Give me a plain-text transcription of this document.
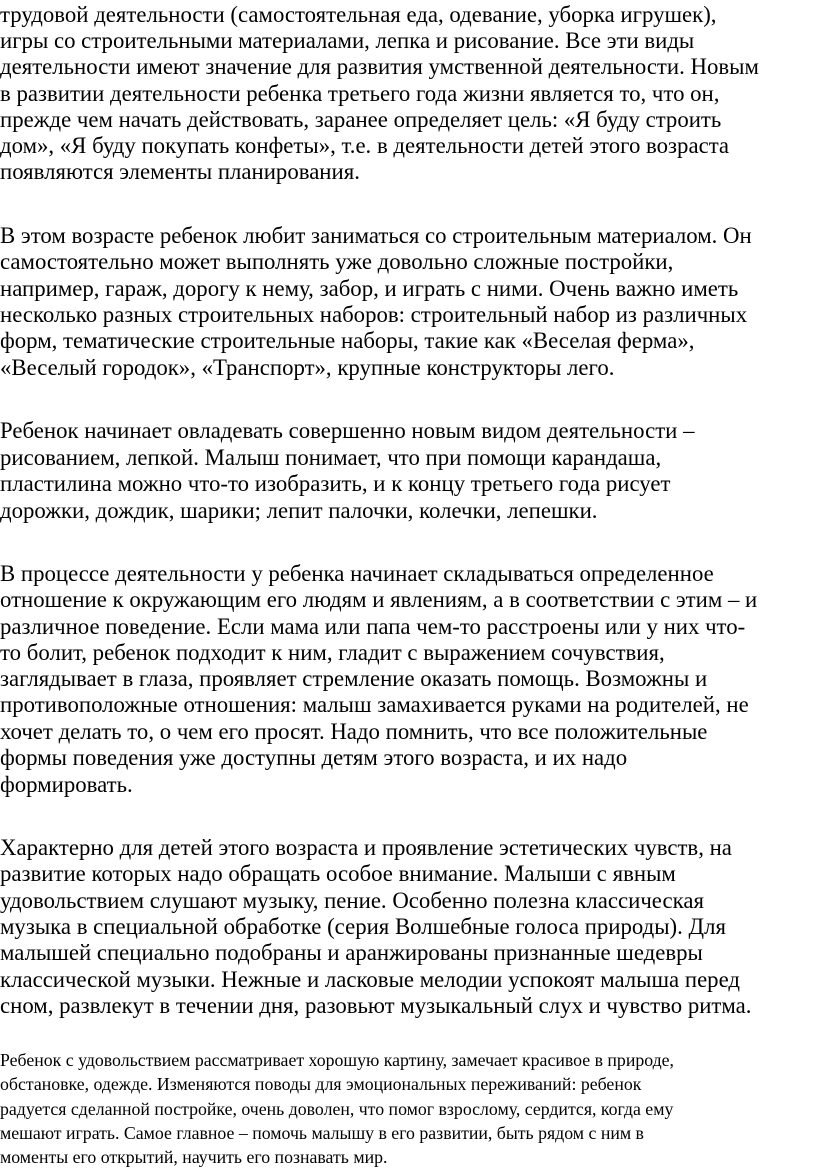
трудовой деятельности (самостоятельная еда, одевание, уборка игрушек),

игры со строительными материалами, лепка и рисование. Все эти виды

деятельности имеют значение для развития умственной деятельности. Новым

в развитии деятельности ребенка третьего года жизни является то, что он,

прежде чем начать действовать, заранее определяет цель: «Я буду строить

дом», «Я буду покупать конфеты», т.е. в деятельности детей этого возраста

появляются элементы планирования.

В этом возрасте ребенок любит заниматься со строительным материалом. Он

самостоятельно может выполнять уже довольно сложные постройки,

например, гараж, дорогу к нему, забор, и играть с ними. Очень важно иметь

несколько разных строительных наборов: строительный набор из различных

форм, тематические строительные наборы, такие как «Веселая ферма»,

«Веселый городок», «Транспорт», крупные конструкторы лего.

Ребенок начинает овладевать совершенно новым видом деятельности –

рисованием, лепкой. Малыш понимает, что при помощи карандаша,

пластилина можно что-то изобразить, и к концу третьего года рисует

дорожки, дождик, шарики; лепит палочки, колечки, лепешки.

В процессе деятельности у ребенка начинает складываться определенное

отношение к окружающим его людям и явлениям, а в соответствии с этим – и

различное поведение. Если мама или папа чем-то расстроены или у них что-

то болит, ребенок подходит к ним, гладит с выражением сочувствия,

заглядывает в глаза, проявляет стремление оказать помощь. Возможны и

противоположные отношения: малыш замахивается руками на родителей, не

хочет делать то, о чем его просят. Надо помнить, что все положительные

формы поведения уже доступны детям этого возраста, и их надо

формировать.

Характерно для детей этого возраста и проявление эстетических чувств, на

развитие которых надо обращать особое внимание. Малыши с явным

удовольствием слушают музыку, пение. Особенно полезна классическая

музыка в специальной обработке (серия Волшебные голоса природы). Для

малышей специально подобраны и аранжированы признанные шедевры

классической музыки. Нежные и ласковые мелодии успокоят малыша перед

сном, развлекут в течении дня, разовьют музыкальный слух и чувство ритма.

Ребенок с удовольствием рассматривает хорошую картину, замечает красивое в природе,

обстановке, одежде. Изменяются поводы для эмоциональных переживаний: ребенок

радуется сделанной постройке, очень доволен, что помог взрослому, сердится, когда ему

мешают играть. Самое главное – помочь малышу в его развитии, быть рядом с ним в

моменты его открытий, научить его познавать мир.
